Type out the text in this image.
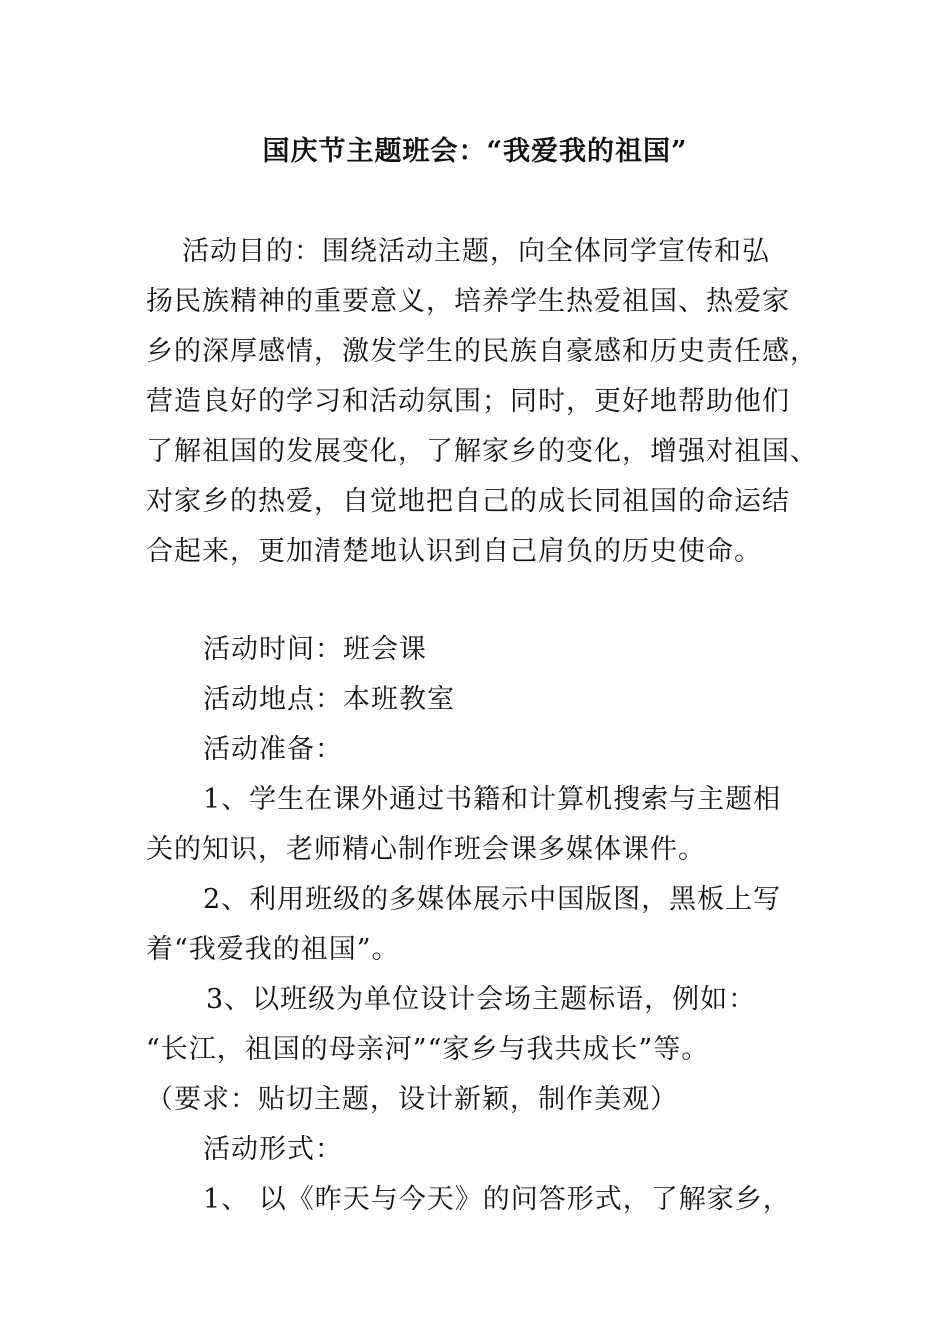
国庆节主题班会：“我爱我的祖国”
活动目的：围绕活动主题，向全体同学宣传和弘
扬民族精神的重要意义，培养学生热爱祖国、热爱家
乡的深厚感情，激发学生的民族自豪感和历史责任感，
营造良好的学习和活动氛围；同时，更好地帮助他们
了解祖国的发展变化，了解家乡的变化，增强对祖国、
对家乡的热爱，自觉地把自己的成长同祖国的命运结
合起来，更加清楚地认识到自己肩负的历史使命。
活动时间：班会课
活动地点：本班教室
活动准备：
1、学生在课外通过书籍和计算机搜索与主题相
关的知识，老师精心制作班会课多媒体课件。
2、利用班级的多媒体展示中国版图，黑板上写
着“我爱我的祖国”。
3、以班级为单位设计会场主题标语，例如：
“长江，祖国的母亲河”“家乡与我共成长”等。
（要求：贴切主题，设计新颖，制作美观）
活动形式：
1、 以《昨天与今天》的问答形式，了解家乡，
